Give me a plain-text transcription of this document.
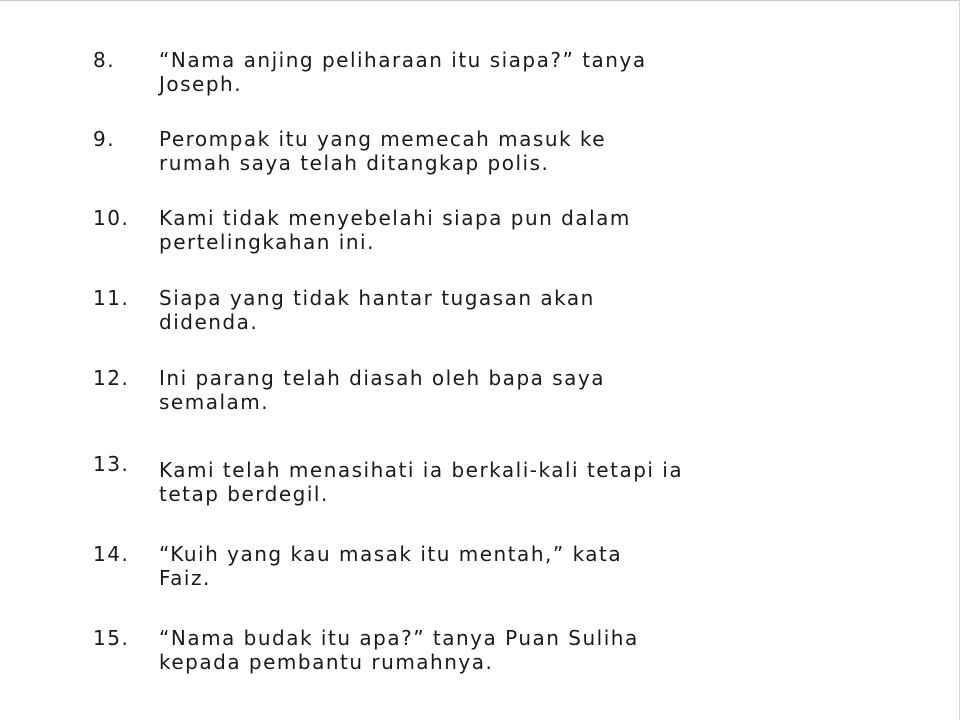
8. “Nama anjing peliharaan itu siapa?” tanya
Joseph.
9. Perompak itu yang memecah masuk ke
rumah saya telah ditangkap polis.
10. Kami tidak menyebelahi siapa pun dalam
pertelingkahan ini.
11. Siapa yang tidak hantar tugasan akan
didenda.
12. Ini parang telah diasah oleh bapa saya
semalam.
13. Kami telah menasihati ia berkali-kali tetapi ia
tetap berdegil.
14. “Kuih yang kau masak itu mentah,” kata
Faiz.
15. “Nama budak itu apa?” tanya Puan Suliha
kepada pembantu rumahnya.
